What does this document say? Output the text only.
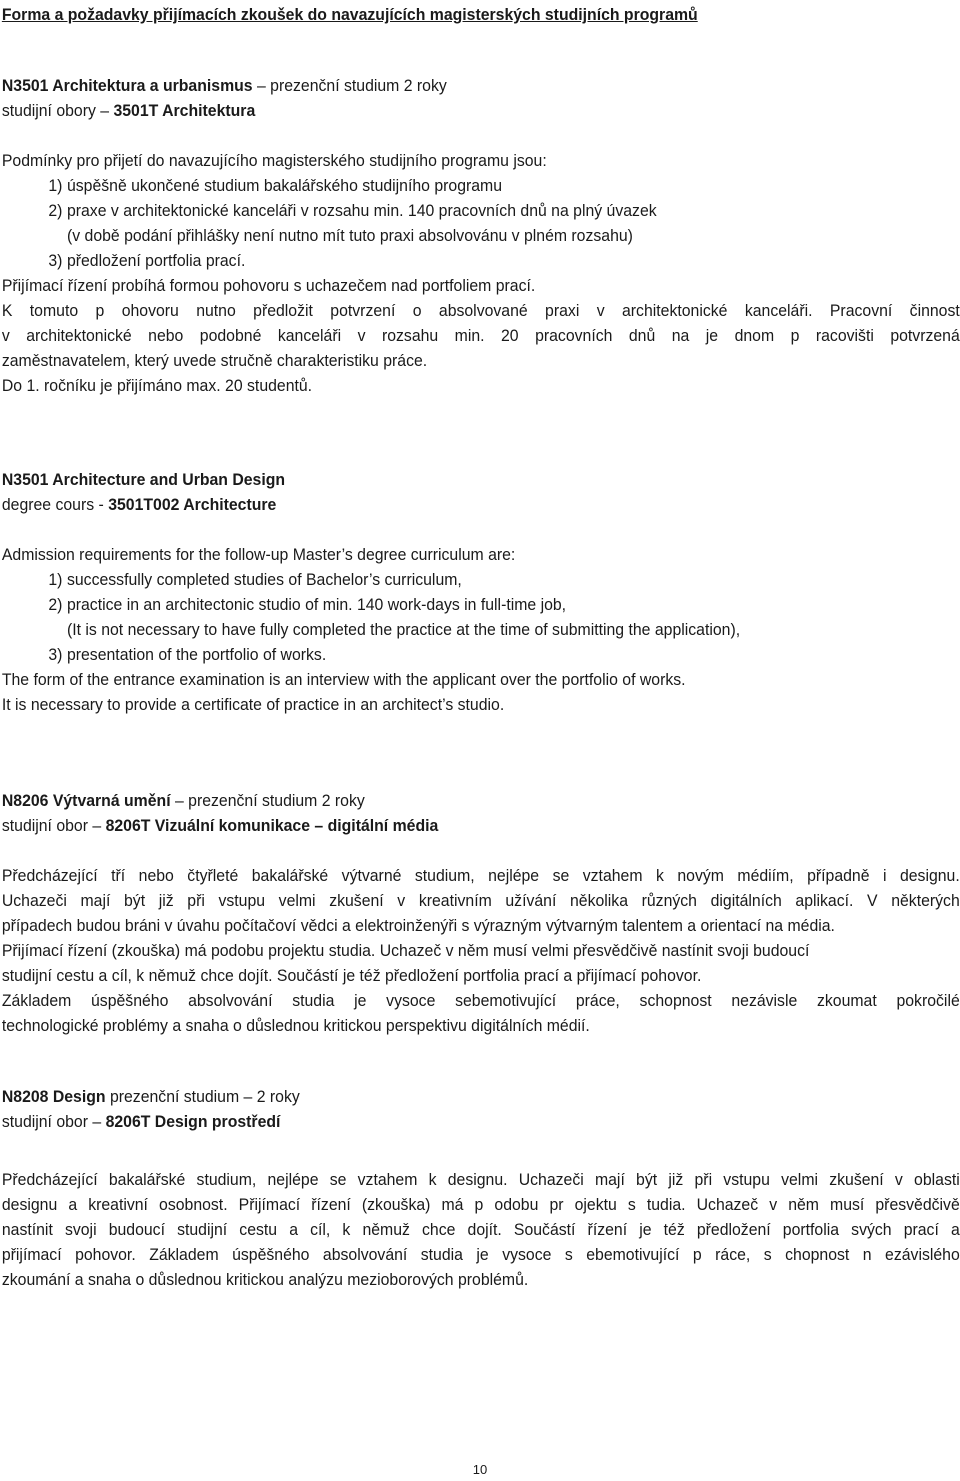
Forma a požadavky přijímacích zkoušek do navazujících magisterských studijních programů
N3501 Architektura a urbanismus – prezenční studium 2 roky
studijní obory – 3501T Architektura
Podmínky pro přijetí do navazujícího magisterského studijního programu jsou:
1) úspěšně ukončené studium bakalářského studijního programu
2) praxe v architektonické kanceláři v rozsahu min. 140 pracovních dnů na plný úvazek
(v době podání přihlášky není nutno mít tuto praxi absolvovánu v plném rozsahu)
3) předložení portfolia prací.
Přijímací řízení probíhá formou pohovoru s uchazečem nad portfoliem prací.
K tomuto p ohovoru nutno předložit potvrzení o absolvované praxi v architektonické kanceláři. Pracovní činnost
v architektonické nebo podobné kanceláři v rozsahu min. 20 pracovních dnů na je dnom p racovišti potvrzená
zaměstnavatelem, který uvede stručně charakteristiku práce.
Do 1. ročníku je přijímáno max. 20 studentů.
N3501 Architecture and Urban Design
degree cours - 3501T002 Architecture
Admission requirements for the follow-up Master’s degree curriculum are:
1) successfully completed studies of Bachelor’s curriculum,
2) practice in an architectonic studio of min. 140 work-days in full-time job,
(It is not necessary to have fully completed the practice at the time of submitting the application),
3) presentation of the portfolio of works.
The form of the entrance examination is an interview with the applicant over the portfolio of works.
It is necessary to provide a certificate of practice in an architect’s studio.
N8206 Výtvarná umění – prezenční studium 2 roky
studijní obor – 8206T Vizuální komunikace – digitální média
Předcházející tří nebo čtyřleté bakalářské výtvarné studium, nejlépe se vztahem k novým médiím, případně i designu.
Uchazeči mají být již při vstupu velmi zkušení v kreativním užívání několika různých digitálních aplikací. V některých
případech budou bráni v úvahu počítačoví vědci a elektroinženýři s výrazným výtvarným talentem a orientací na média.
Přijímací řízení (zkouška) má podobu projektu studia. Uchazeč v něm musí velmi přesvědčivě nastínit svoji budoucí
studijní cestu a cíl, k němuž chce dojít. Součástí je též předložení portfolia prací a přijímací pohovor.
Základem úspěšného absolvování studia je vysoce sebemotivující práce, schopnost nezávisle zkoumat pokročilé
technologické problémy a snaha o důslednou kritickou perspektivu digitálních médií.
N8208 Design prezenční studium – 2 roky
studijní obor – 8206T Design prostředí
Předcházející bakalářské studium, nejlépe se vztahem k designu. Uchazeči mají být již při vstupu velmi zkušení v oblasti
designu a kreativní osobnost. Přijímací řízení (zkouška) má p odobu pr ojektu s tudia. Uchazeč v něm musí přesvědčivě
nastínit svoji budoucí studijní cestu a cíl, k němuž chce dojít. Součástí řízení je též předložení portfolia svých prací a
přijímací pohovor. Základem úspěšného absolvování studia je vysoce s ebemotivující p ráce, s chopnost n ezávislého
zkoumání a snaha o důslednou kritickou analýzu mezioborových problémů.
10
